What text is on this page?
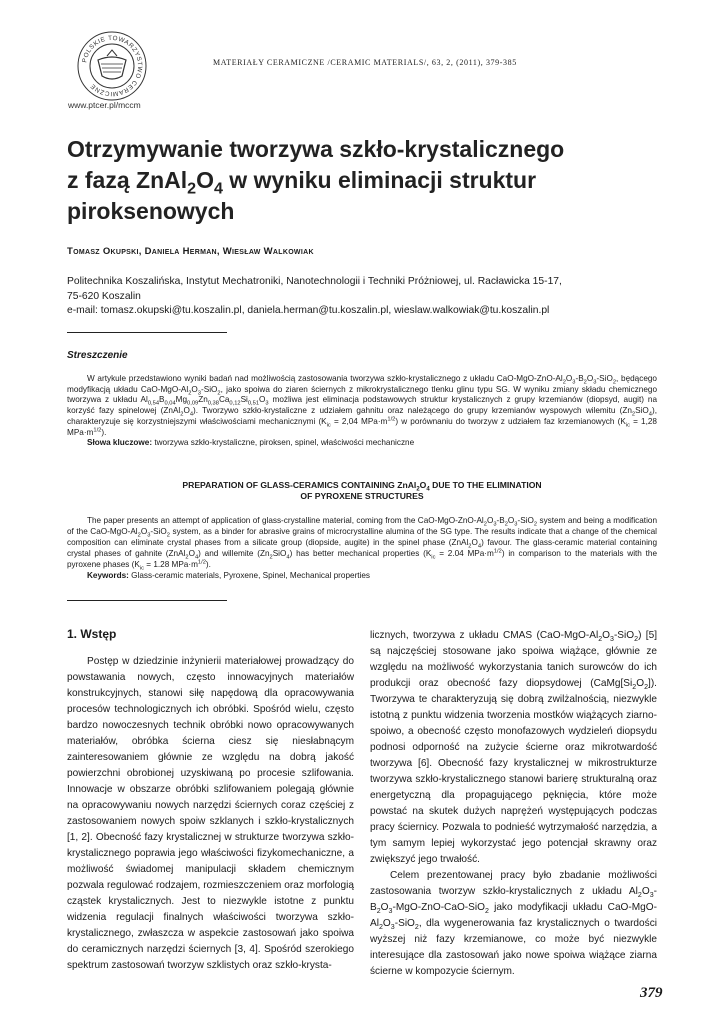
POLSKIE TOWARZYSTWO CERAMICZNE
www.ptcer.pl/mccm
MATERIAŁY CERAMICZNE /CERAMIC MATERIALS/, 63, 2, (2011), 379-385
Otrzymywanie tworzywa szkło-krystalicznego
z fazą $ZnAl_2O_4$ w wyniku eliminacji struktur
piroksenowych
Tomasz Okupski, Daniela Herman, Wiesław Walkowiak
Politechnika Koszalińska, Instytut Mechatroniki, Nanotechnologii i Techniki Próżniowej, ul. Racławicka 15-17,
75-620 Koszalin
e-mail: tomasz.okupski@tu.koszalin.pl, daniela.herman@tu.koszalin.pl, wieslaw.walkowiak@tu.koszalin.pl
Streszczenie

W artykule przedstawiono wyniki badań nad możliwością zastosowania tworzywa szkło-krystalicznego z układu CaO-$MgO-ZnO-Al_2O_3-B_2O_3-SiO_2$, będącego modyfikacją układu CaO-$MgO-Al_2O_3-SiO_2$, jako spoiwa do ziaren ściernych z mikrokrystalicznego tlenku glinu typu SG. W wyniku zmiany składu chemicznego tworzywa z układu $Al_{0,54}B_{0,04}Mg_{0,09}Zn_{0,38}Ca_{0,12}Si_{0,51}O_3$ możliwa jest eliminacja podstawowych struktur krystalicznych z grupy krzemianów (diopsyd, augit) na korzyść fazy spinelowej $(ZnAl_2O_4)$. Tworzywo szkło-krystaliczne z udziałem gahnitu oraz należącego do grupy krzemianów wyspowych wilemitu $(Zn_2SiO_4)$, charakteryzuje się korzystniejszymi właściwościami mechanicznymi ($K_{ic} = 2,04$ $MPa\cdot m^{1/2}$) w porównaniu do tworzyw z udziałem faz krzemianowych ($K_{ic} = 1,28$ $MPa\cdot m^{1/2}$).

Słowa kluczowe: tworzywa szkło-krystaliczne, piroksen, spinel, właściwości mechaniczne

PREPARATION OF GLASS-CERAMICS CONTAINING $ZnAl_2O_4$ DUE TO THE ELIMINATION
OF PYROXENE STRUCTURES

The paper presents an attempt of application of glass-crystalline material, coming from the CaO-$MgO-ZnO-Al_2O_3-B_2O_3-SiO_2$ system and being a modification of the CaO-$MgO-Al_2O_3-SiO_2$ system, as a binder for abrasive grains of microcrystalline alumina of the SG type. The results indicate that a change of the chemical composition can eliminate crystal phases from a silicate group (diopside, augite) in the spinel phase $(ZnAl_2O_4)$ favour. The glass-ceramic material containing crystal phases of gahnite $(ZnAl_2O_4)$ and willemite $(Zn_2SiO_4)$ has better mechanical properties ($K_{ic} = 2.04$ $MPa\cdot m^{1/2}$) in comparison to the materials with the pyroxene phases ($K_{ic} = 1.28$ $MPa\cdot m^{1/2}$).

Keywords: Glass-ceramic materials, Pyroxene, Spinel, Mechanical properties

1. Wstęp

Postęp w dziedzinie inżynierii materiałowej prowadzący do powstawania nowych, często innowacyjnych materiałów konstrukcyjnych, stanowi siłę napędową dla opracowywania procesów technologicznych ich obróbki. Spośród wielu, często bardzo nowoczesnych technik obróbki nowo opracowywanych materiałów, obróbka ścierna ciesz się niesłabnącym zainteresowaniem głównie ze względu na dobrą jakość powierzchni obrobionej uzyskiwaną po procesie szlifowania. Innowacje w obszarze obróbki szlifowaniem polegają głównie na opracowywaniu nowych narzędzi ściernych coraz częściej z zastosowaniem nowych spoiw szklanych i szkło-krystalicznych [1, 2]. Obecność fazy krystalicznej w strukturze tworzywa szkło-krystalicznego poprawia jego właściwości fizykomechaniczne, a możliwość świadomej manipulacji składem chemicznym pozwala regulować rodzajem, rozmieszczeniem oraz morfologią cząstek krystalicznych. Jest to niezwykle istotne z punktu widzenia regulacji finalnych właściwości tworzywa szkło-krystalicznego, zwłaszcza w aspekcie zastosowań jako spoiwa do ceramicznych narzędzi ściernych [3, 4]. Spośród szerokiego spektrum zastosowań tworzyw szklistych oraz szkło-krysta-

licznych, tworzywa z układu CMAS $(CaO-MgO-Al_2O_3-SiO_2)$ [5] są najczęściej stosowane jako spoiwa wiążące, głównie ze względu na możliwość wykorzystania tanich surowców do ich produkcji oraz obecność fazy diopsydowej $(CaMg[Si_2O_2])$. Tworzywa te charakteryzują się dobrą zwilżalnością, niezwykle istotną z punktu widzenia tworzenia mostków wiążących ziarno-spoiwo, a obecność często monofazowych wydzieleń diopsydu podnosi odporność na zużycie ścierne oraz mikrotwardość tworzywa [6]. Obecność fazy krystalicznej w mikrostrukturze tworzywa szkło-krystalicznego stanowi barierę strukturalną oraz energetyczną dla propagującego pęknięcia, które może powstać na skutek dużych naprężeń występujących podczas pracy ściernicy. Pozwala to podnieść wytrzymałość narzędzia, a tym samym lepiej wykorzystać jego potencjał skrawny oraz zwiększyć jego trwałość.

Celem prezentowanej pracy było zbadanie możliwości zastosowania tworzyw szkło-krystalicznych z układu $Al_2O_3-B_2O_3-MgO-ZnO-CaO-SiO_2$ jako modyfikacji układu CaO-$MgO-Al_2O_3-SiO_2$, dla wygenerowania faz krystalicznych o twardości wyższej niż fazy krzemianowe, co może być niezwykle interesujące dla zastosowań jako nowe spoiwa wiążące ziarna ścierne w kompozycie ściernym.

379
